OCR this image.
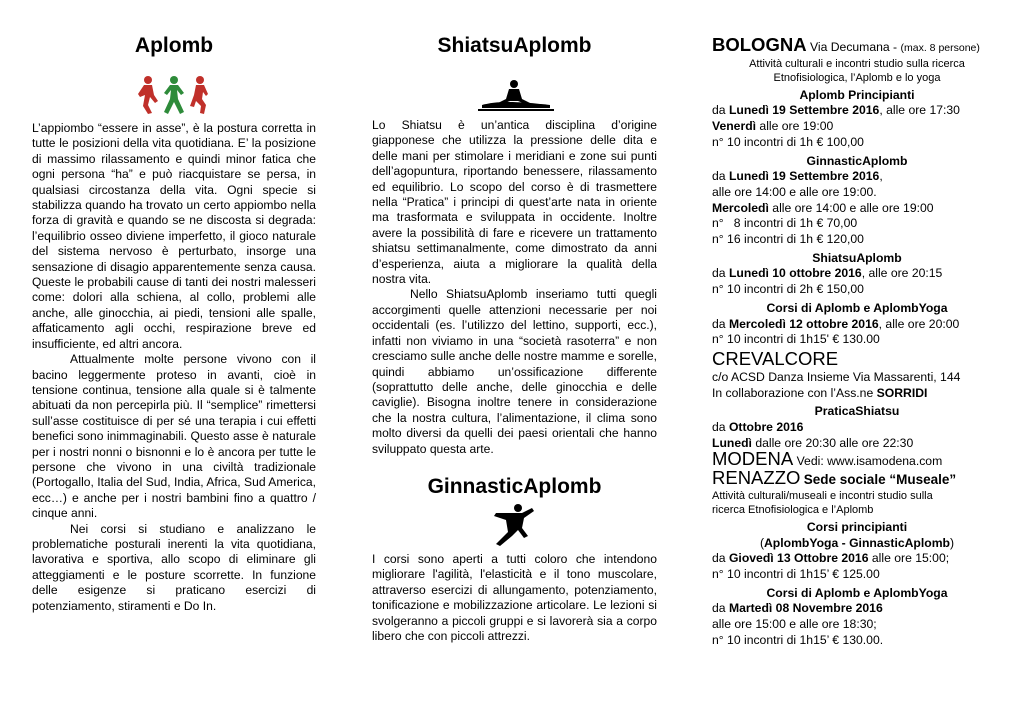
Aplomb

L’appiombo “essere in asse”, è la postura corretta in tutte le posizioni della vita quotidiana. E’ la posizione di massimo rilassamento e quindi minor fatica che ogni persona “ha” e può riacquistare se persa, in qualsiasi circostanza della vita. Ogni specie si stabilizza quando ha trovato un certo appiombo nella forza di gravità e quando se ne discosta si degrada: l’equilibrio osseo diviene imperfetto, il gioco naturale del sistema nervoso è perturbato, insorge una sensazione di disagio apparentemente senza causa. Queste le probabili cause di tanti dei nostri malesseri come: dolori alla schiena, al collo, problemi alle anche, alle ginocchia, ai piedi, tensioni alle spalle, affaticamento agli occhi, respirazione breve ed insufficiente, ed altri ancora.

Attualmente molte persone vivono con il bacino leggermente proteso in avanti, cioè in tensione continua, tensione alla quale si è talmente abituati da non percepirla più. Il “semplice” rimettersi sull’asse costituisce di per sé una terapia i cui effetti benefici sono inimmaginabili. Questo asse è naturale per i nostri nonni o bisnonni e lo è ancora per tutte le persone che vivono in una civiltà tradizionale (Portogallo, Italia del Sud, India, Africa, Sud America, ecc…) e anche per i nostri bambini fino a quattro / cinque anni.

Nei corsi si studiano e analizzano le problematiche posturali inerenti la vita quotidiana, lavorativa e sportiva, allo scopo di eliminare gli atteggiamenti e le posture scorrette. In funzione delle esigenze si praticano esercizi di potenziamento, stiramenti e Do In.

ShiatsuAplomb

Lo Shiatsu è un’antica disciplina d’origine giapponese che utilizza la pressione delle dita e delle mani per stimolare i meridiani e zone sui punti dell’agopuntura, riportando benessere, rilassamento ed equilibrio. Lo scopo del corso è di trasmettere nella “Pratica” i principi di quest’arte nata in oriente ma trasformata e sviluppata in occidente. Inoltre avere la possibilità di fare e ricevere un trattamento shiatsu settimanalmente, come dimostrato da anni d’esperienza, aiuta a migliorare la qualità della nostra vita.

Nello ShiatsuAplomb inseriamo tutti quegli accorgimenti quelle attenzioni necessarie per noi occidentali (es. l’utilizzo del lettino, supporti, ecc.), infatti non viviamo in una “società rasoterra” e non cresciamo sulle anche delle nostre mamme e sorelle, quindi abbiamo un’ossificazione differente (soprattutto delle anche, delle ginocchia e delle caviglie). Bisogna inoltre tenere in considerazione che la nostra cultura, l’alimentazione, il clima sono molto diversi da quelli dei paesi orientali che hanno sviluppato questa arte.

GinnasticAplomb

I corsi sono aperti a tutti coloro che intendono migliorare l'agilità, l'elasticità e il tono muscolare, attraverso esercizi di allungamento, potenziamento, tonificazione e mobilizzazione articolare. Le lezioni si svolgeranno a piccoli gruppi e si lavorerà sia a corpo libero che con piccoli attrezzi.

BOLOGNA Via Decumana - (max. 8 persone)

Attività culturali e incontri studio sulla ricerca

Etnofisiologica, l’Aplomb e lo yoga

Aplomb Principianti

da Lunedì 19 Settembre 2016, alle ore 17:30

Venerdì alle ore 19:00

n° 10 incontri di 1h € 100,00

GinnasticAplomb

da Lunedì 19 Settembre 2016,

alle ore 14:00 e alle ore 19:00.

Mercoledì alle ore 14:00 e alle ore 19:00

n°   8 incontri di 1h € 70,00

n° 16 incontri di 1h € 120,00

ShiatsuAplomb

da Lunedì 10 ottobre 2016, alle ore 20:15

n° 10 incontri di 2h € 150,00

Corsi di Aplomb e AplombYoga

da Mercoledì 12 ottobre 2016, alle ore 20:00

n° 10 incontri di 1h15' € 130.00

CREVALCORE

c/o ACSD Danza Insieme Via Massarenti, 144

In collaborazione con l’Ass.ne SORRIDI

PraticaShiatsu

da Ottobre 2016

Lunedì dalle ore 20:30 alle ore 22:30

MODENA Vedi: www.isamodena.com

RENAZZO Sede sociale “Museale”

Attività culturali/museali e incontri studio sulla

ricerca Etnofisiologica e l’Aplomb

Corsi principianti

(AplombYoga - GinnasticAplomb)

da Giovedì 13 Ottobre 2016 alle ore 15:00;

n° 10 incontri di 1h15’ € 125.00

Corsi di Aplomb e AplombYoga

da Martedì 08 Novembre 2016

alle ore 15:00 e alle ore 18:30;

n° 10 incontri di 1h15’ € 130.00.
